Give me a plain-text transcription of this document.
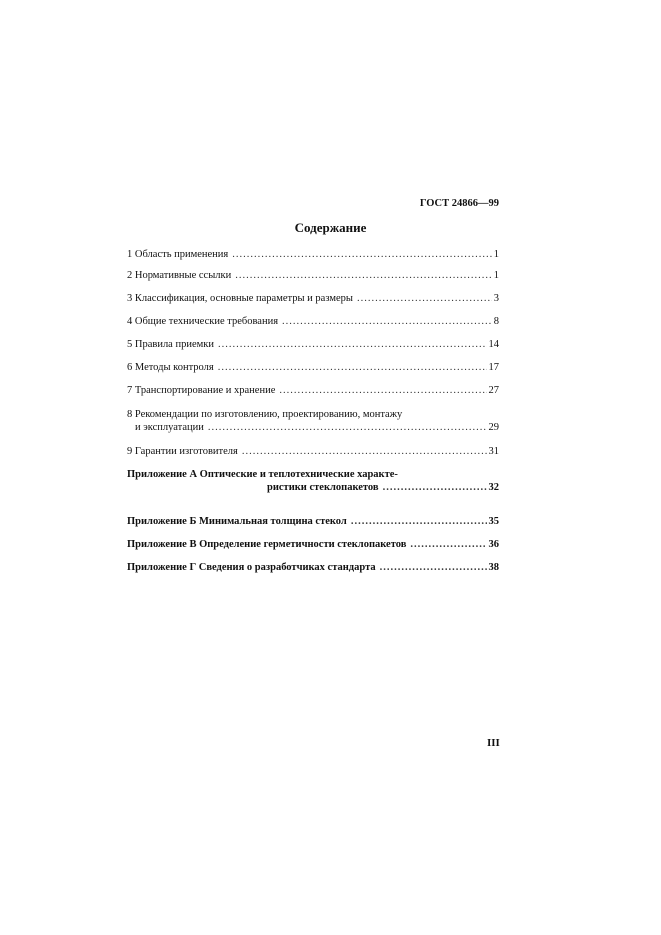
ГОСТ 24866—99
Содержание
1 Область применения .....	1
2 Нормативные ссылки .....	1
3 Классификация, основные параметры и размеры .....	3
4 Общие технические требования .....	8
5 Правила приемки .....	14
6 Методы контроля .....	17
7 Транспортирование и хранение .....	27
8 Рекомендации по изготовлению, проектированию, монтажу
и эксплуатации .....	29
9 Гарантии изготовителя .....	31
Приложение А Оптические и теплотехнические характе-
ристики стеклопакетов .....	32
Приложение Б Минимальная толщина стекол .....	35
Приложение В Определение герметичности стеклопакетов .....	36
Приложение Г Сведения о разработчиках стандарта .....	38
III
